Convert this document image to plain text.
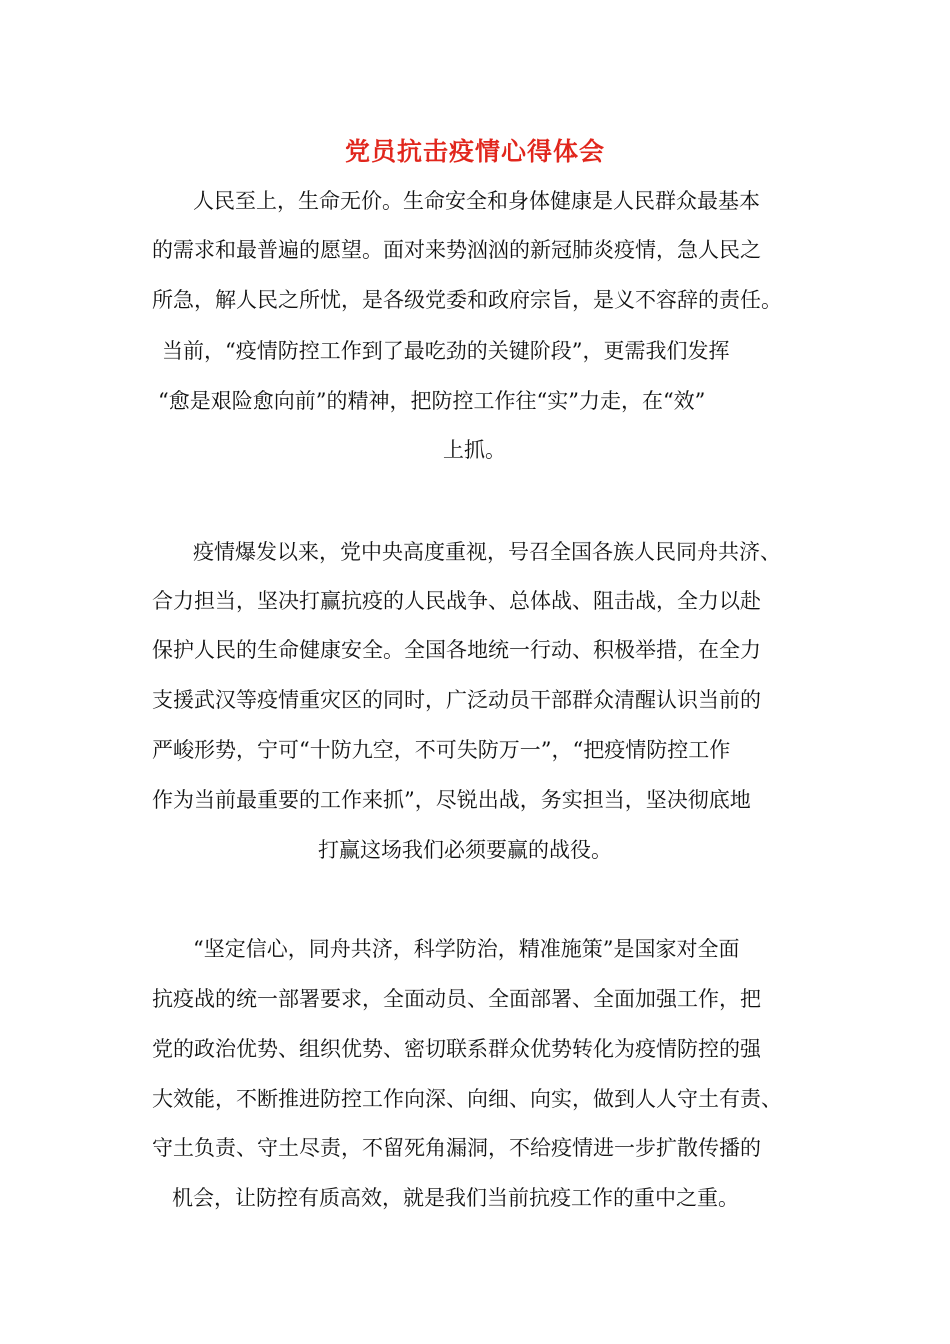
党员抗击疫情心得体会
人民至上，生命无价。生命安全和身体健康是人民群众最基本
的需求和最普遍的愿望。面对来势汹汹的新冠肺炎疫情，急人民之
所急，解人民之所忧，是各级党委和政府宗旨，是义不容辞的责任。
当前，“疫情防控工作到了最吃劲的关键阶段”，更需我们发挥
“愈是艰险愈向前”的精神，把防控工作往“实”力走，在“效”
上抓。
疫情爆发以来，党中央高度重视，号召全国各族人民同舟共济、
合力担当，坚决打赢抗疫的人民战争、总体战、阻击战，全力以赴
保护人民的生命健康安全。全国各地统一行动、积极举措，在全力
支援武汉等疫情重灾区的同时，广泛动员干部群众清醒认识当前的
严峻形势，宁可“十防九空，不可失防万一”，“把疫情防控工作
作为当前最重要的工作来抓”，尽锐出战，务实担当，坚决彻底地
打赢这场我们必须要赢的战役。
“坚定信心，同舟共济，科学防治，精准施策”是国家对全面
抗疫战的统一部署要求，全面动员、全面部署、全面加强工作，把
党的政治优势、组织优势、密切联系群众优势转化为疫情防控的强
大效能，不断推进防控工作向深、向细、向实，做到人人守土有责、
守土负责、守土尽责，不留死角漏洞，不给疫情进一步扩散传播的
机会，让防控有质高效，就是我们当前抗疫工作的重中之重。
